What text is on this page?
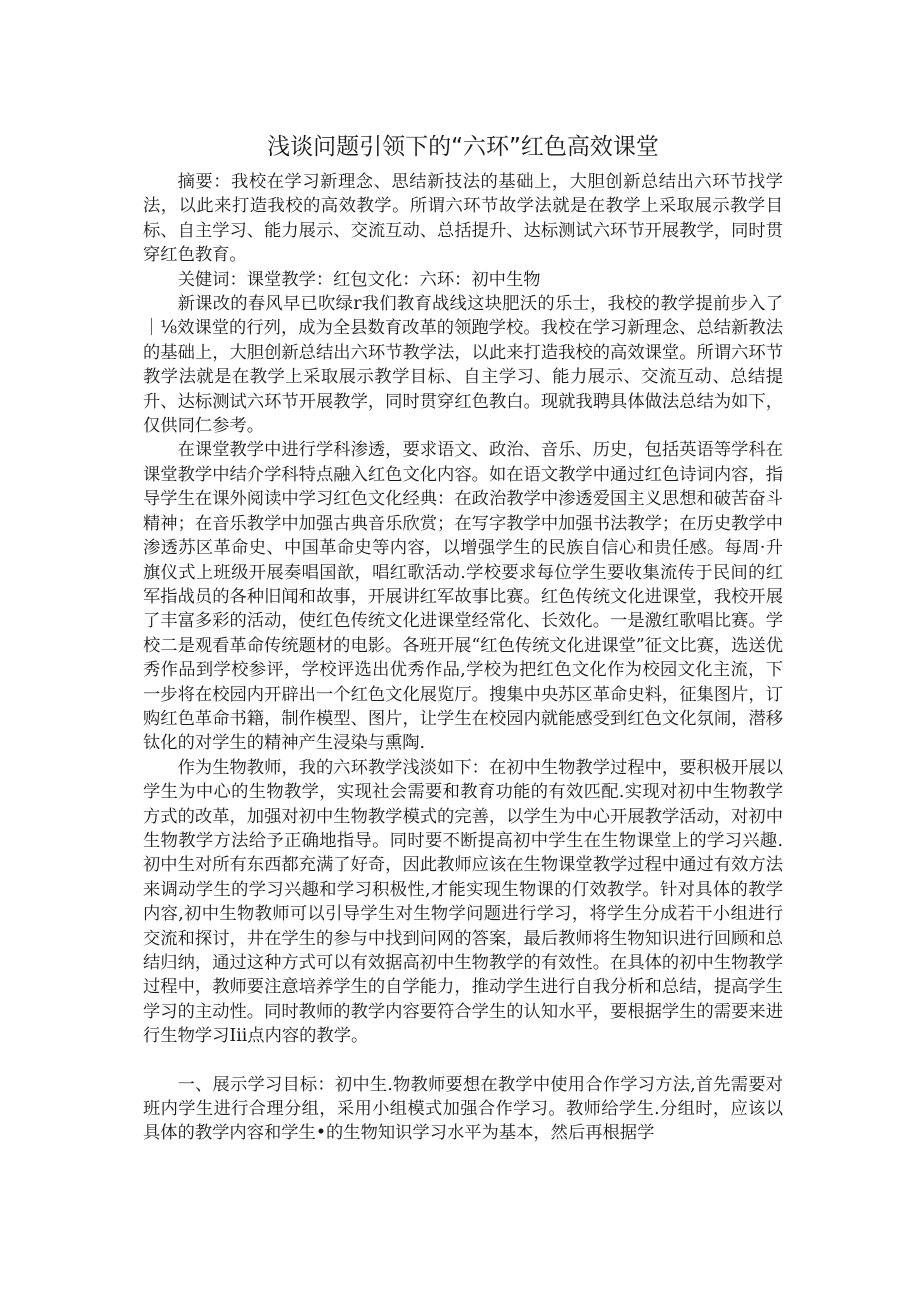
浅谈问题引领下的“六环”红色高效课堂

摘要：我校在学习新理念、思结新技法的基础上，大胆创新总结出六环节找学法，以此来打造我校的高效教学。所谓六环节故学法就是在教学上采取展示教学目标、自主学习、能力展示、交流互动、总括提升、达标测试六环节开展教学，同时贯穿红色教育。

关健词：课堂教学：红包文化：六环：初中生物

新课改的春风早已吹绿r我们教育战线这块肥沃的乐士，我校的教学提前步入了｜⅛效课堂的行列，成为全县数育改革的领跑学校。我校在学习新理念、总结新教法的基础上，大胆创新总结出六环节教学法，以此来打造我校的高效课堂。所谓六环节教学法就是在教学上采取展示教学目标、自主学习、能力展示、交流互动、总结提升、达标测试六环节开展教学，同时贯穿红色教白。现就我聘具体做法总结为如下，仅供同仁参考。

在课堂教学中进行学科渗透，要求语文、政治、音乐、历史，包括英语等学科在课堂教学中结介学科特点融入红色文化内容。如在语文教学中通过红色诗词内容，指导学生在课外阅读中学习红色文化经典：在政治教学中渗透爱国主义思想和破苦奋斗精神；在音乐教学中加强古典音乐欣赏；在写字教学中加强书法教学；在历史教学中渗透苏区革命史、中国革命史等内容，以增强学生的民族自信心和贵任感。每周·升旗仪式上班级开展奏唱国歆，唱红歌活动.学校要求每位学生要收集流传于民间的红军指战员的各种旧闻和故事，开展讲红军故事比赛。红色传统文化进课堂，我校开展了丰富多彩的活动，使红色传统文化进课堂经常化、长效化。一是激红歌唱比赛。学校二是观看革命传统题材的电影。各班开展“红色传统文化进课堂”征文比赛，选送优秀作品到学校参评，学校评选出优秀作品,学校为把红色文化作为校园文化主流，下一步将在校园内开辟出一个红色文化展览厅。搜集中央苏区革命史料，征集图片，订购红色革命书籍，制作模型、图片，让学生在校园内就能感受到红色文化氛闹，潜移钛化的对学生的精神产生浸染与熏陶.

作为生物教师，我的六环教学浅淡如下：在初中生物教学过程中，要积极开展以学生为中心的生物教学，实现社会需要和教育功能的有效匹配.实现对初中生物教学方式的改革，加强对初中生物教学模式的完善，以学生为中心开展教学活动，对初中生物教学方法给予正确地指导。同时要不断提高初中学生在生物课堂上的学习兴趣.初中生对所有东西都充满了好奇，因此教师应该在生物课堂教学过程中通过有效方法来调动学生的学习兴趣和学习积极性,才能实现生物课的仃效教学。针对具体的教学内容,初中生物教师可以引导学生对生物学问题进行学习，将学生分成若干小组进行交流和探讨，井在学生的参与中找到问网的答案，最后教师将生物知识进行回顾和总结归纳，通过这种方式可以有效据高初中生物教学的有效性。在具体的初中生物教学过程中，教师要注意培养学生的自学能力，推动学生进行自我分析和总结，提高学生学习的主动性。同时教师的教学内容要符合学生的认知水平，要根据学生的需要来进行生物学习Iii点内容的教学。

一、展示学习目标：初中生.物教师要想在教学中使用合作学习方法,首先需要对班内学生进行合理分组，采用小组模式加强合作学习。教师给学生.分组时，应该以具体的教学内容和学生•的生物知识学习水平为基本，然后再根据学
